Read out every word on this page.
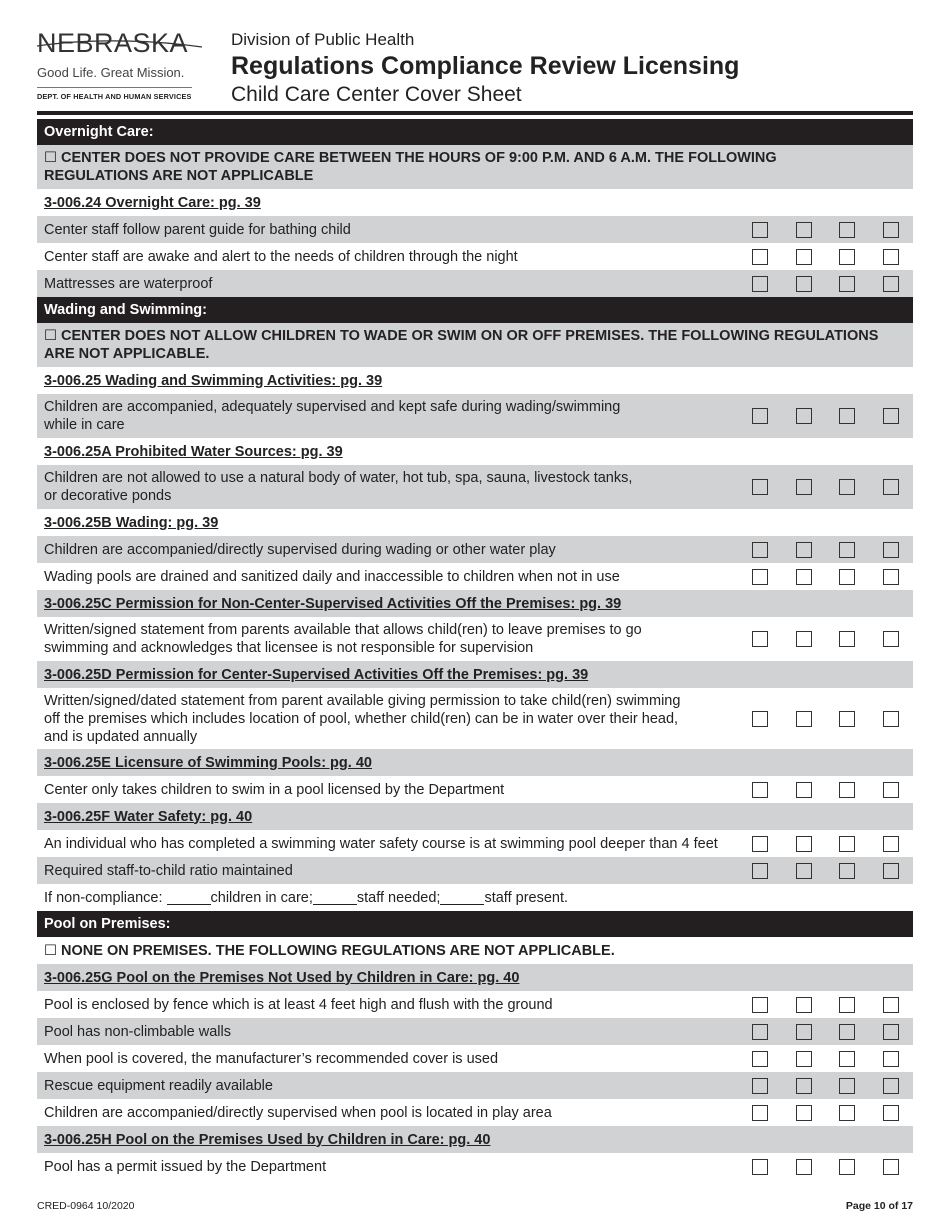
NEBRASKA
Good Life. Great Mission.
DEPT. OF HEALTH AND HUMAN SERVICES
Division of Public Health
Regulations Compliance Review Licensing
Child Care Center Cover Sheet
Overnight Care:
☐ CENTER DOES NOT PROVIDE CARE BETWEEN THE HOURS OF 9:00 P.M. AND 6 A.M. THE FOLLOWING REGULATIONS ARE NOT APPLICABLE
3-006.24 Overnight Care: pg. 39
Center staff follow parent guide for bathing child
Center staff are awake and alert to the needs of children through the night
Mattresses are waterproof
Wading and Swimming:
☐ CENTER DOES NOT ALLOW CHILDREN TO WADE OR SWIM ON OR OFF PREMISES. THE FOLLOWING REGULATIONS ARE NOT APPLICABLE.
3-006.25 Wading and Swimming Activities: pg. 39
Children are accompanied, adequately supervised and kept safe during wading/swimming
while in care
3-006.25A Prohibited Water Sources: pg. 39
Children are not allowed to use a natural body of water, hot tub, spa, sauna, livestock tanks,
or decorative ponds
3-006.25B Wading: pg. 39
Children are accompanied/directly supervised during wading or other water play
Wading pools are drained and sanitized daily and inaccessible to children when not in use
3-006.25C Permission for Non-Center-Supervised Activities Off the Premises: pg. 39
Written/signed statement from parents available that allows child(ren) to leave premises to go
swimming and acknowledges that licensee is not responsible for supervision
3-006.25D Permission for Center-Supervised Activities Off the Premises: pg. 39
Written/signed/dated statement from parent available giving permission to take child(ren) swimming
off the premises which includes location of pool, whether child(ren) can be in water over their head,
and is updated annually
3-006.25E Licensure of Swimming Pools: pg. 40
Center only takes children to swim in a pool licensed by the Department
3-006.25F Water Safety: pg. 40
An individual who has completed a swimming water safety course is at swimming pool deeper than 4 feet
Required staff-to-child ratio maintained
If non-compliance:	children in care;	staff needed;	staff present.
Pool on Premises:
☐ NONE ON PREMISES. THE FOLLOWING REGULATIONS ARE NOT APPLICABLE.
3-006.25G Pool on the Premises Not Used by Children in Care: pg. 40
Pool is enclosed by fence which is at least 4 feet high and flush with the ground
Pool has non-climbable walls
When pool is covered, the manufacturer’s recommended cover is used
Rescue equipment readily available
Children are accompanied/directly supervised when pool is located in play area
3-006.25H Pool on the Premises Used by Children in Care: pg. 40
Pool has a permit issued by the Department
CRED-0964 10/2020	Page 10 of 17
